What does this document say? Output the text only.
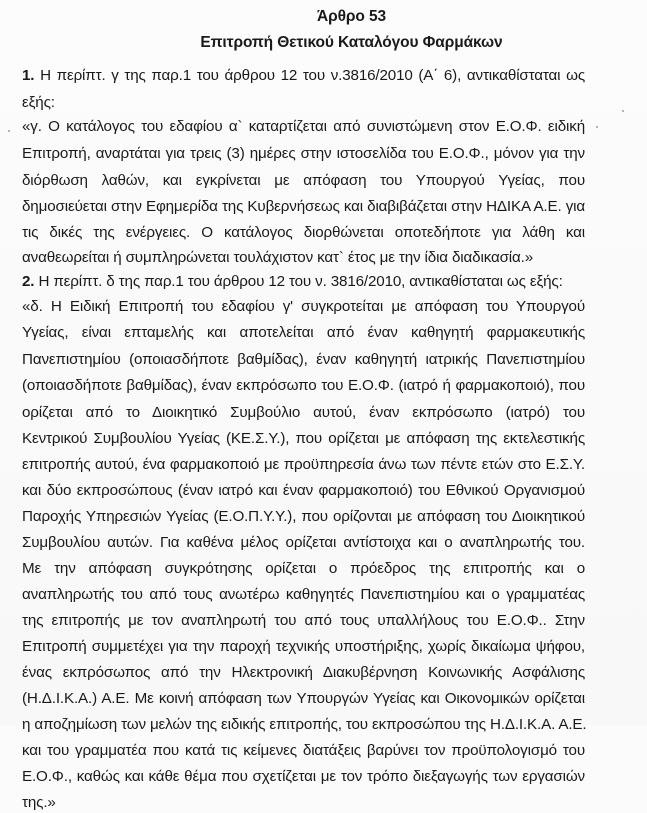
Άρθρο 53
Επιτροπή Θετικού Καταλόγου Φαρμάκων
1. Η περίπτ. γ της παρ.1 του άρθρου 12 του ν.3816/2010 (Α΄ 6), αντικαθίσταται ως
εξής:
«γ. Ο κατάλογος του εδαφίου α` καταρτίζεται από συνιστώμενη στον Ε.Ο.Φ. ειδική
Επιτροπή, αναρτάται για τρεις (3) ημέρες στην ιστοσελίδα του Ε.Ο.Φ., μόνον για την
διόρθωση λαθών, και εγκρίνεται με απόφαση του Υπουργού Υγείας, που
δημοσιεύεται στην Εφημερίδα της Κυβερνήσεως και διαβιβάζεται στην ΗΔΙΚΑ Α.Ε. για
τις δικές της ενέργειες. Ο κατάλογος διορθώνεται οποτεδήποτε για λάθη και
αναθεωρείται ή συμπληρώνεται τουλάχιστον κατ` έτος με την ίδια διαδικασία.»
2. Η περίπτ. δ της παρ.1 του άρθρου 12 του ν. 3816/2010, αντικαθίσταται ως εξής:
«δ. Η Ειδική Επιτροπή του εδαφίου γ' συγκροτείται με απόφαση του Υπουργού
Υγείας, είναι επταμελής και αποτελείται από έναν καθηγητή φαρμακευτικής
Πανεπιστημίου (οποιασδήποτε βαθμίδας), έναν καθηγητή ιατρικής Πανεπιστημίου
(οποιασδήποτε βαθμίδας), έναν εκπρόσωπο του Ε.Ο.Φ. (ιατρό ή φαρμακοποιό), που
ορίζεται από το Διοικητικό Συμβούλιο αυτού, έναν εκπρόσωπο (ιατρό) του
Κεντρικού Συμβουλίου Υγείας (ΚΕ.Σ.Υ.), που ορίζεται με απόφαση της εκτελεστικής
επιτροπής αυτού, ένα φαρμακοποιό με προϋπηρεσία άνω των πέντε ετών στο Ε.Σ.Υ.
και δύο εκπροσώπους (έναν ιατρό και έναν φαρμακοποιό) του Εθνικού Οργανισμού
Παροχής Υπηρεσιών Υγείας (Ε.Ο.Π.Υ.Υ.), που ορίζονται με απόφαση του Διοικητικού
Συμβουλίου αυτών. Για καθένα μέλος ορίζεται αντίστοιχα και ο αναπληρωτής του.
Με την απόφαση συγκρότησης ορίζεται ο πρόεδρος της επιτροπής και ο
αναπληρωτής του από τους ανωτέρω καθηγητές Πανεπιστημίου και ο γραμματέας
της επιτροπής με τον αναπληρωτή του από τους υπαλλήλους του Ε.Ο.Φ.. Στην
Επιτροπή συμμετέχει για την παροχή τεχνικής υποστήριξης, χωρίς δικαίωμα ψήφου,
ένας εκπρόσωπος από την Ηλεκτρονική Διακυβέρνηση Κοινωνικής Ασφάλισης
(Η.Δ.Ι.Κ.Α.) Α.Ε. Με κοινή απόφαση των Υπουργών Υγείας και Οικονομικών ορίζεται
η αποζημίωση των μελών της ειδικής επιτροπής, του εκπροσώπου της Η.Δ.Ι.Κ.Α. Α.Ε.
και του γραμματέα που κατά τις κείμενες διατάξεις βαρύνει τον προϋπολογισμό του
Ε.Ο.Φ., καθώς και κάθε θέμα που σχετίζεται με τον τρόπο διεξαγωγής των εργασιών
της.»
